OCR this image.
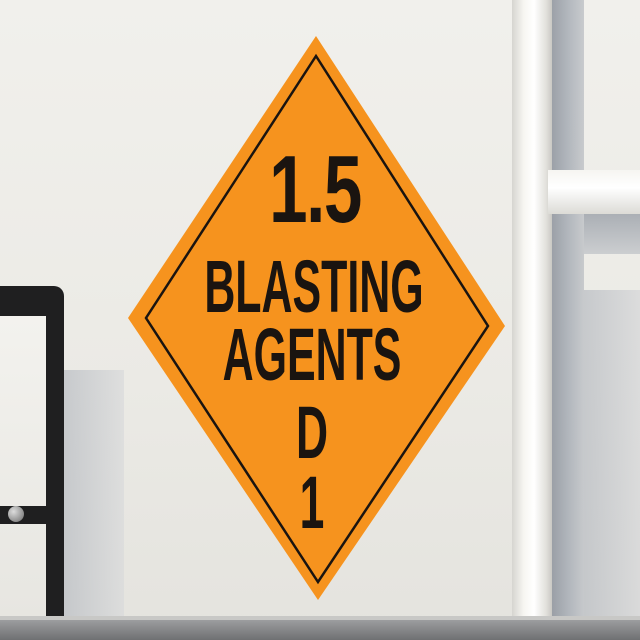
1.5
BLASTING
AGENTS
D
1
